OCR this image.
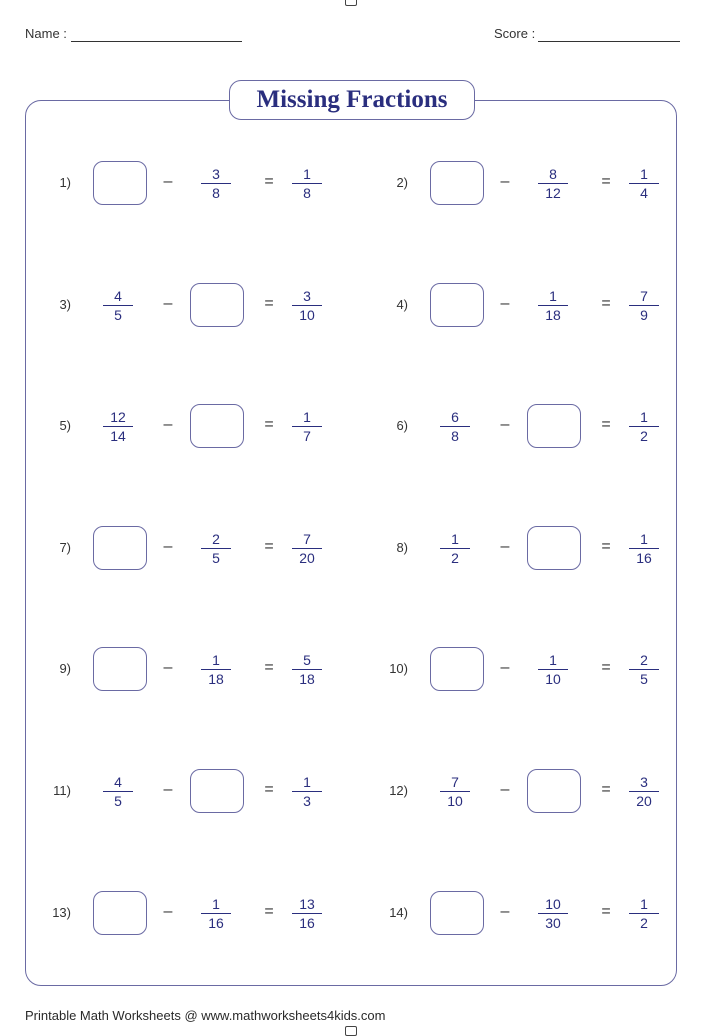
Name :	Score :
Missing Fractions
1)
3
8
1
8
–	=	2)
8
12
1
4
–	=
3)
4
5
3
10
–	=	4)
1
18
7
9
–	=
5)
12
14
1
7
–	=	6)
6
8
1
2
–	=
7)
2
5
7
20
–	=	8)
1
2
1
16
–	=
9)
1
18
5
18
–	=	10)
1
10
2
5
–	=
11)
4
5
1
3
–	=	12)
7
10
3
20
–	=
13)
1
16
13
16
–	=	14)
10
30
1
2
–	=
Printable Math Worksheets @ www.mathworksheets4kids.com
